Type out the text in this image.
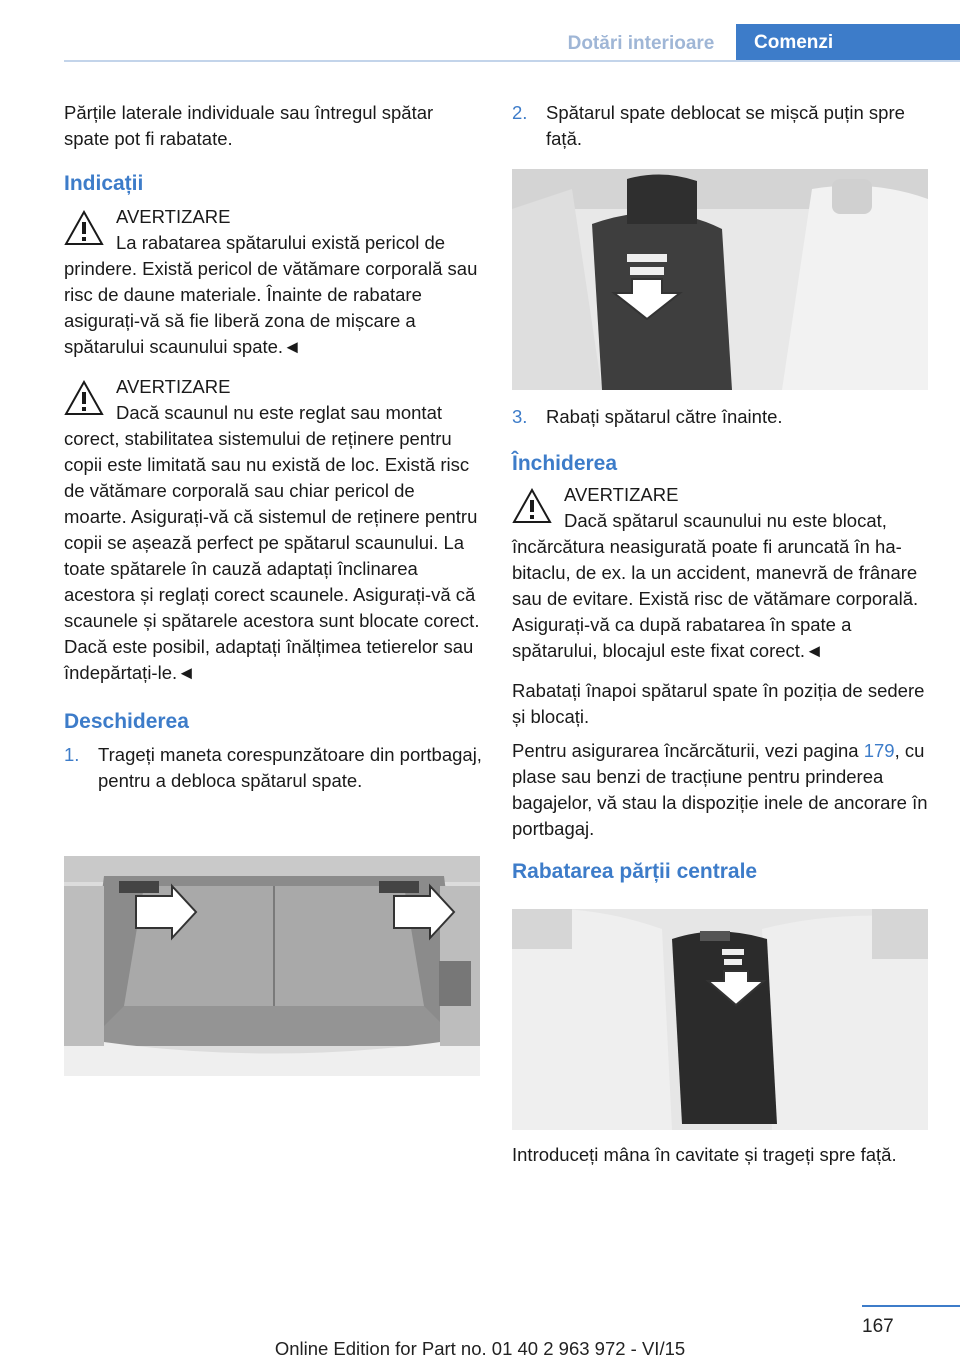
Dotări interioare	Comenzi

Părțile laterale individuale sau întregul spătar spate pot fi rabatate.

Indicații
AVERTIZARE
La rabatarea spătarului există pericol de
prindere. Există pericol de vătămare corporală sau risc de daune materiale. Înainte de rabatare asigurați-vă să fie liberă zona de mișcare a spătarului scaunului spate.◄
AVERTIZARE
Dacă scaunul nu este reglat sau montat
corect, stabilitatea sistemului de reținere pentru copii este limitată sau nu există de loc. Există risc de vătămare corporală sau chiar pericol de moarte. Asigurați-vă că sistemul de reținere pentru copii se așează perfect pe spătarul scaunului. La toate spătarele în cauză adaptați înclinarea acestora și reglați corect scaunele. Asigurați-vă că scaunele și spătarele acestora sunt blocate corect. Dacă este posibil, adaptați înălțimea tetierelor sau îndepărtați-le.◄
Deschiderea
1. Trageți maneta corespunzătoare din portbagaj, pentru a debloca spătarul spate.
2. Spătarul spate deblocat se mișcă puțin spre față.
3. Rabați spătarul către înainte.
Închiderea
AVERTIZARE
Dacă spătarul scaunului nu este blocat,
încărcătura neasigurată poate fi aruncată în habitaclu, de ex. la un accident, manevră de frânare sau de evitare. Există risc de vătămare corporală. Asigurați-vă ca după rabatarea în spate a spătarului, blocajul este fixat corect.◄

Rabatați înapoi spătarul spate în poziția de sedere și blocați.

Pentru asigurarea încărcăturii, vezi pagina 179, cu plase sau benzi de tracțiune pentru prinderea bagajelor, vă stau la dispoziție inele de ancorare în portbagaj.

Rabatarea părții centrale

Introduceți mâna în cavitate și trageți spre față.

167
Online Edition for Part no. 01 40 2 963 972 - VI/15
